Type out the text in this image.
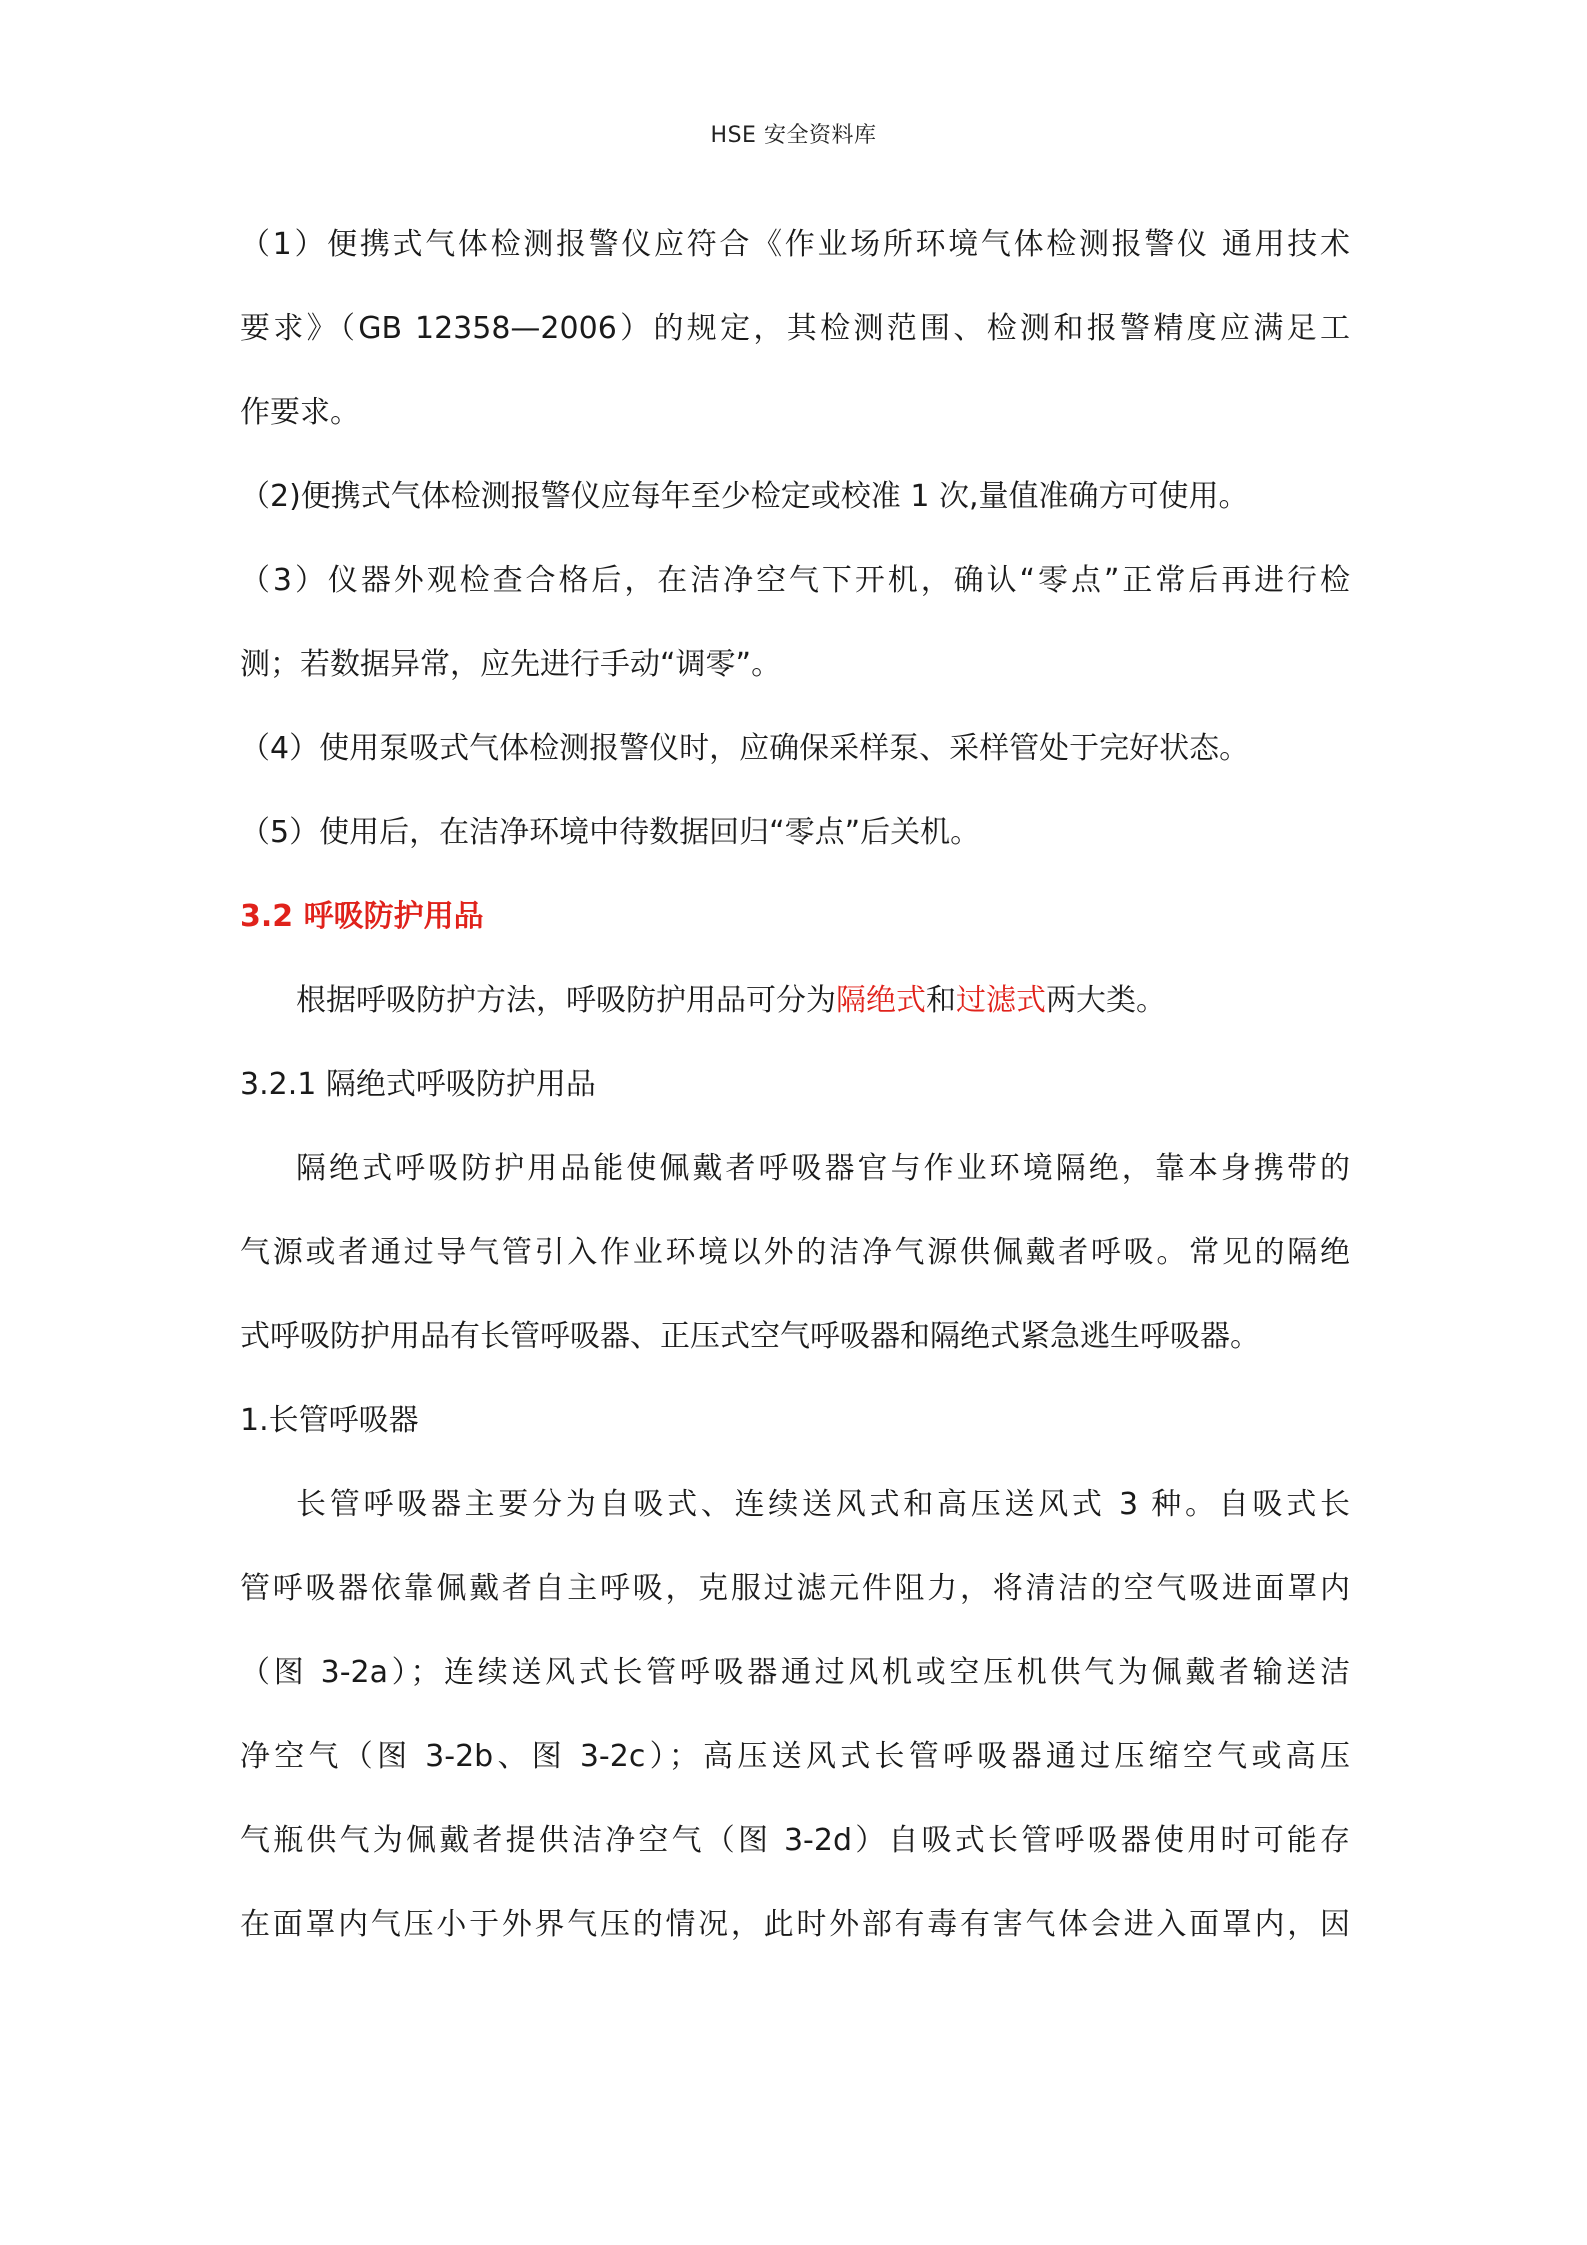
HSE 安全资料库

（1）便携式气体检测报警仪应符合《作业场所环境气体检测报警仪 通用技术

要求》（GB 12358—2006）的规定，其检测范围、检测和报警精度应满足工

作要求。

（2)便携式气体检测报警仪应每年至少检定或校准 1 次,量值准确方可使用。

（3）仪器外观检查合格后，在洁净空气下开机，确认“零点”正常后再进行检

测；若数据异常，应先进行手动“调零”。

（4）使用泵吸式气体检测报警仪时，应确保采样泵、采样管处于完好状态。

（5）使用后，在洁净环境中待数据回归“零点”后关机。

3.2 呼吸防护用品

根据呼吸防护方法，呼吸防护用品可分为隔绝式和过滤式两大类。

3.2.1 隔绝式呼吸防护用品

隔绝式呼吸防护用品能使佩戴者呼吸器官与作业环境隔绝，靠本身携带的

气源或者通过导气管引入作业环境以外的洁净气源供佩戴者呼吸。常见的隔绝

式呼吸防护用品有长管呼吸器、正压式空气呼吸器和隔绝式紧急逃生呼吸器。

1.长管呼吸器

长管呼吸器主要分为自吸式、连续送风式和高压送风式 3 种。自吸式长

管呼吸器依靠佩戴者自主呼吸，克服过滤元件阻力，将清洁的空气吸进面罩内

（图 3-2a）；连续送风式长管呼吸器通过风机或空压机供气为佩戴者输送洁

净空气（图 3-2b、图 3-2c）；高压送风式长管呼吸器通过压缩空气或高压

气瓶供气为佩戴者提供洁净空气（图 3-2d）自吸式长管呼吸器使用时可能存

在面罩内气压小于外界气压的情况，此时外部有毒有害气体会进入面罩内，因
